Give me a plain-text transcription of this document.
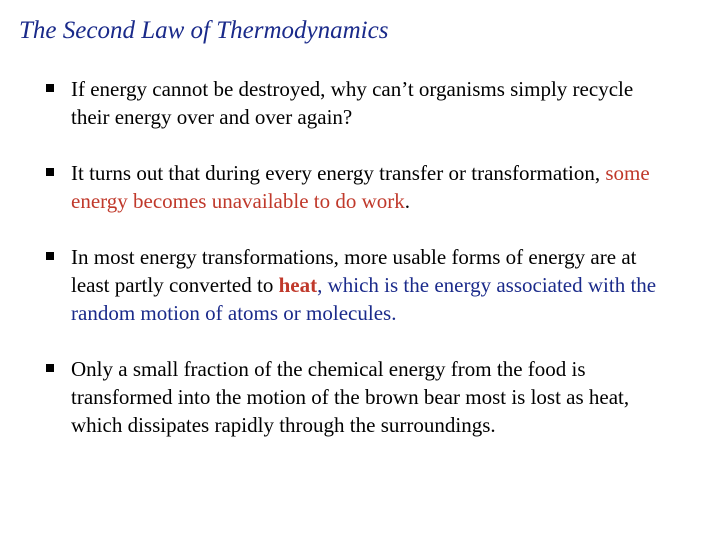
The Second Law of Thermodynamics
If energy cannot be destroyed, why can’t organisms simply recycle their energy over and over again?
It turns out that during every energy transfer or transformation, some energy becomes unavailable to do work.
In most energy transformations, more usable forms of energy are at least partly converted to heat, which is the energy associated with the random motion of atoms or molecules.
Only a small fraction of the chemical energy from the food is transformed into the motion of the brown bear most is lost as heat, which dissipates rapidly through the surroundings.
